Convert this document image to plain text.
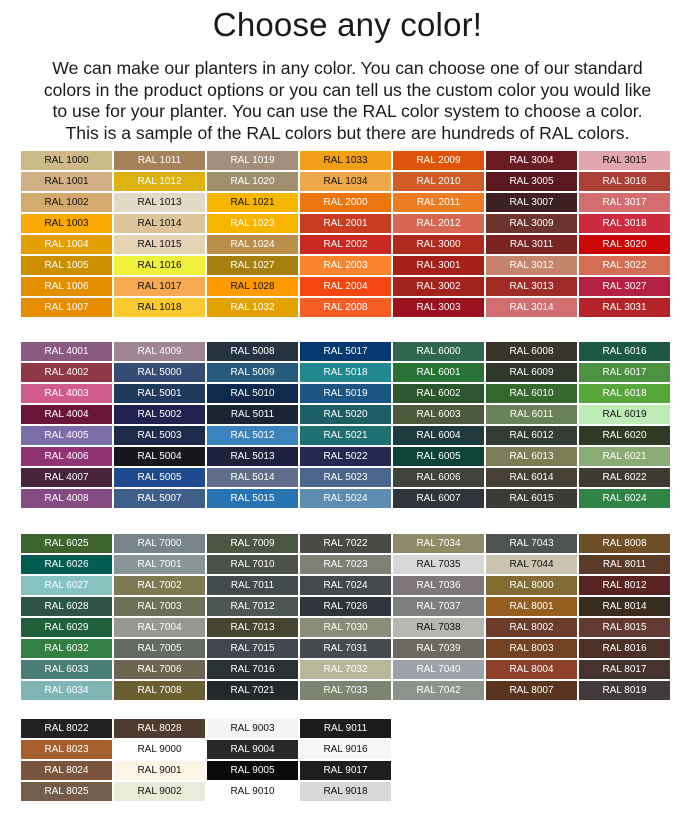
Choose any color!
We can make our planters in any color. You can choose one of our standard
colors in the product options or you can tell us the custom color you would like
to use for your planter. You can use the RAL color system to choose a color.
This is a sample of the RAL colors but there are hundreds of RAL colors.
RAL 1000	RAL 1011	RAL 1019	RAL 1033	RAL 2009	RAL 3004	RAL 3015
RAL 1001	RAL 1012	RAL 1020	RAL 1034	RAL 2010	RAL 3005	RAL 3016
RAL 1002	RAL 1013	RAL 1021	RAL 2000	RAL 2011	RAL 3007	RAL 3017
RAL 1003	RAL 1014	RAL 1023	RAL 2001	RAL 2012	RAL 3009	RAL 3018
RAL 1004	RAL 1015	RAL 1024	RAL 2002	RAL 3000	RAL 3011	RAL 3020
RAL 1005	RAL 1016	RAL 1027	RAL 2003	RAL 3001	RAL 3012	RAL 3022
RAL 1006	RAL 1017	RAL 1028	RAL 2004	RAL 3002	RAL 3013	RAL 3027
RAL 1007	RAL 1018	RAL 1032	RAL 2008	RAL 3003	RAL 3014	RAL 3031
RAL 4001	RAL 4009	RAL 5008	RAL 5017	RAL 6000	RAL 6008	RAL 6016
RAL 4002	RAL 5000	RAL 5009	RAL 5018	RAL 6001	RAL 6009	RAL 6017
RAL 4003	RAL 5001	RAL 5010	RAL 5019	RAL 6002	RAL 6010	RAL 6018
RAL 4004	RAL 5002	RAL 5011	RAL 5020	RAL 6003	RAL 6011	RAL 6019
RAL 4005	RAL 5003	RAL 5012	RAL 5021	RAL 6004	RAL 6012	RAL 6020
RAL 4006	RAL 5004	RAL 5013	RAL 5022	RAL 6005	RAL 6013	RAL 6021
RAL 4007	RAL 5005	RAL 5014	RAL 5023	RAL 6006	RAL 6014	RAL 6022
RAL 4008	RAL 5007	RAL 5015	RAL 5024	RAL 6007	RAL 6015	RAL 6024
RAL 6025	RAL 7000	RAL 7009	RAL 7022	RAL 7034	RAL 7043	RAL 8008
RAL 6026	RAL 7001	RAL 7010	RAL 7023	RAL 7035	RAL 7044	RAL 8011
RAL 6027	RAL 7002	RAL 7011	RAL 7024	RAL 7036	RAL 8000	RAL 8012
RAL 6028	RAL 7003	RAL 7012	RAL 7026	RAL 7037	RAL 8001	RAL 8014
RAL 6029	RAL 7004	RAL 7013	RAL 7030	RAL 7038	RAL 8002	RAL 8015
RAL 6032	RAL 7005	RAL 7015	RAL 7031	RAL 7039	RAL 8003	RAL 8016
RAL 6033	RAL 7006	RAL 7016	RAL 7032	RAL 7040	RAL 8004	RAL 8017
RAL 6034	RAL 7008	RAL 7021	RAL 7033	RAL 7042	RAL 8007	RAL 8019
RAL 8022	RAL 8028	RAL 9003	RAL 9011
RAL 8023	RAL 9000	RAL 9004	RAL 9016
RAL 8024	RAL 9001	RAL 9005	RAL 9017
RAL 8025	RAL 9002	RAL 9010	RAL 9018
